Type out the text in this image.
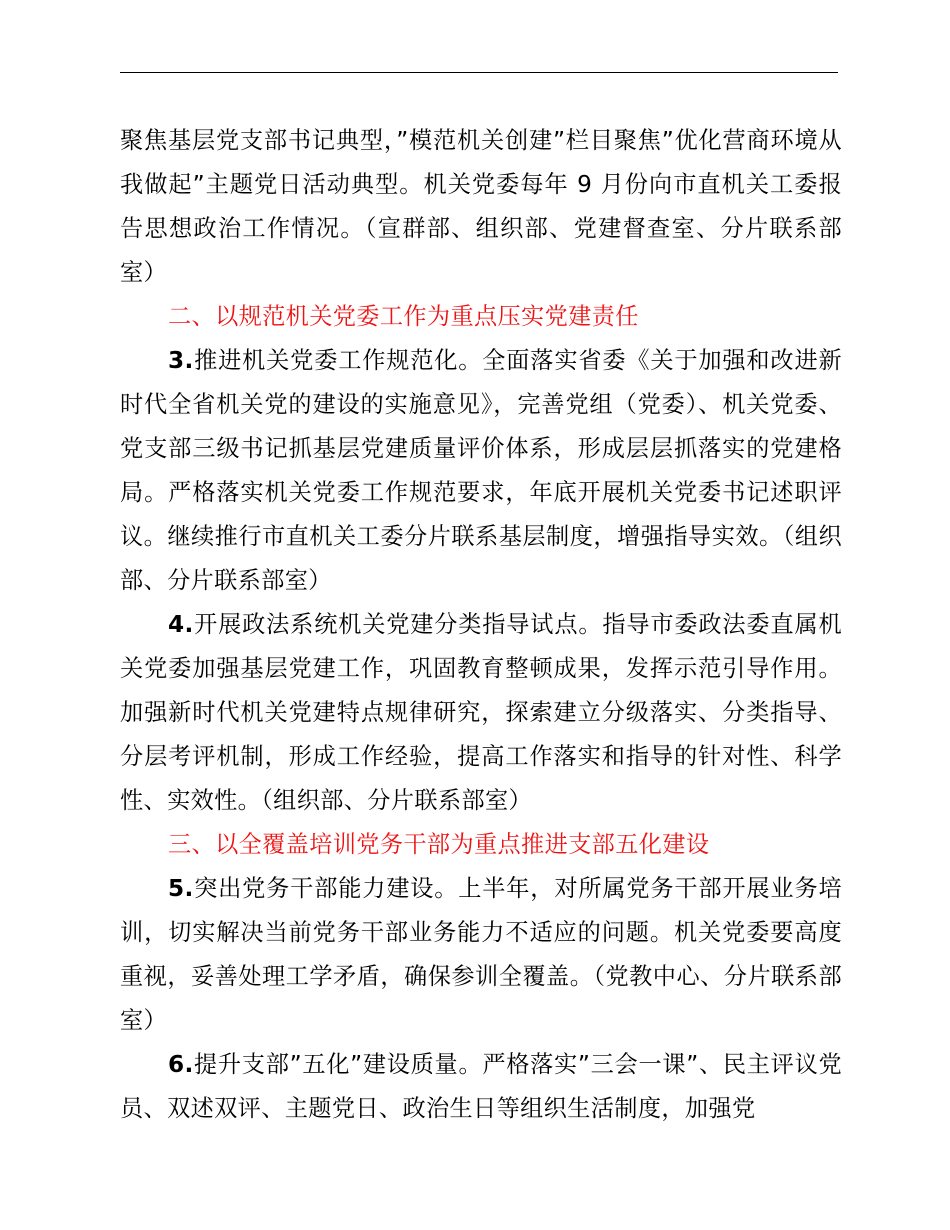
聚焦基层党支部书记典型，”模范机关创建”栏目聚焦”优化营商环境从我做起”主题党日活动典型。机关党委每年 9 月份向市直机关工委报告思想政治工作情况。（宣群部、组织部、党建督查室、分片联系部室）

二、以规范机关党委工作为重点压实党建责任

3.推进机关党委工作规范化。全面落实省委《关于加强和改进新时代全省机关党的建设的实施意见》，完善党组（党委）、机关党委、党支部三级书记抓基层党建质量评价体系，形成层层抓落实的党建格局。严格落实机关党委工作规范要求，年底开展机关党委书记述职评议。继续推行市直机关工委分片联系基层制度，增强指导实效。（组织部、分片联系部室）

4.开展政法系统机关党建分类指导试点。指导市委政法委直属机关党委加强基层党建工作，巩固教育整顿成果，发挥示范引导作用。加强新时代机关党建特点规律研究，探索建立分级落实、分类指导、分层考评机制，形成工作经验，提高工作落实和指导的针对性、科学性、实效性。（组织部、分片联系部室）

三、以全覆盖培训党务干部为重点推进支部五化建设

5.突出党务干部能力建设。上半年，对所属党务干部开展业务培训，切实解决当前党务干部业务能力不适应的问题。机关党委要高度重视，妥善处理工学矛盾，确保参训全覆盖。（党教中心、分片联系部室）

6.提升支部”五化”建设质量。严格落实”三会一课”、民主评议党员、双述双评、主题党日、政治生日等组织生活制度，加强党
